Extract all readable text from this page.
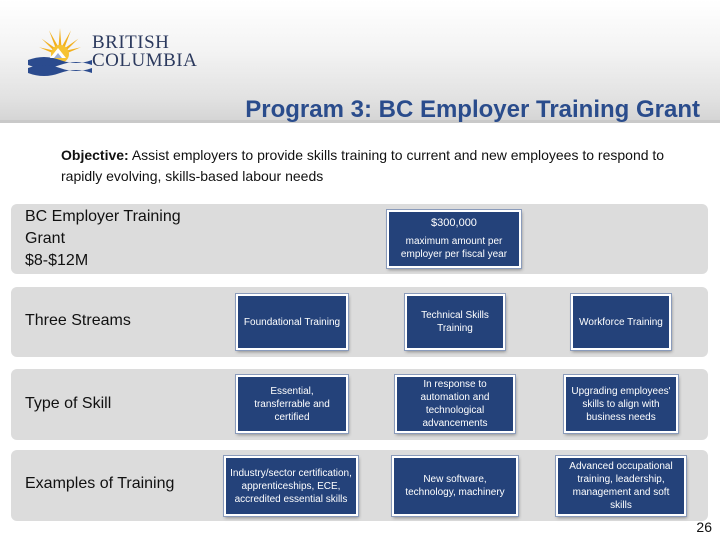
BRITISH
COLUMBIA
Program 3: BC Employer Training Grant
Objective: Assist employers to provide skills training to current and new employees to respond to rapidly evolving, skills-based labour needs
BC Employer Training
Grant
$8-$12M
$300,000
maximum amount per employer per fiscal year
Three Streams	Foundational Training
Technical Skills Training
Workforce Training
Type of Skill
Essential, transferrable and certified
In response to automation and technological advancements
Upgrading employees' skills to align with business needs
Examples of Training
Industry/sector certification, apprenticeships, ECE, accredited essential skills
New software, technology, machinery
Advanced occupational training, leadership, management and soft skills
26
